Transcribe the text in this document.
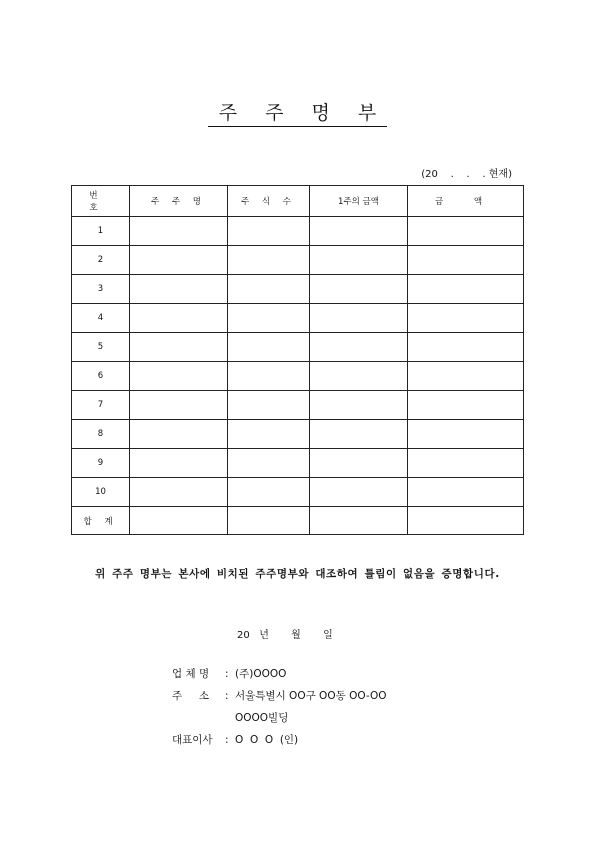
주 주 명 부
(20    .    .    . 현재)
번 호	주 주 명	주 식 수	1주의 금액	금 액
1				
2				
3				
4				
5				
6				
7				
8				
9				
10				
합 계				
위 주주 명부는 본사에 비치된 주주명부와 대조하여 틀림이 없음을 증명합니다.
20   년       월       일
업 체 명	: (주)OOOO
주     소	: 서울특별시 OO구 OO동 OO-OO
OOOO빌딩
대표이사	: O  O  O  (인)
